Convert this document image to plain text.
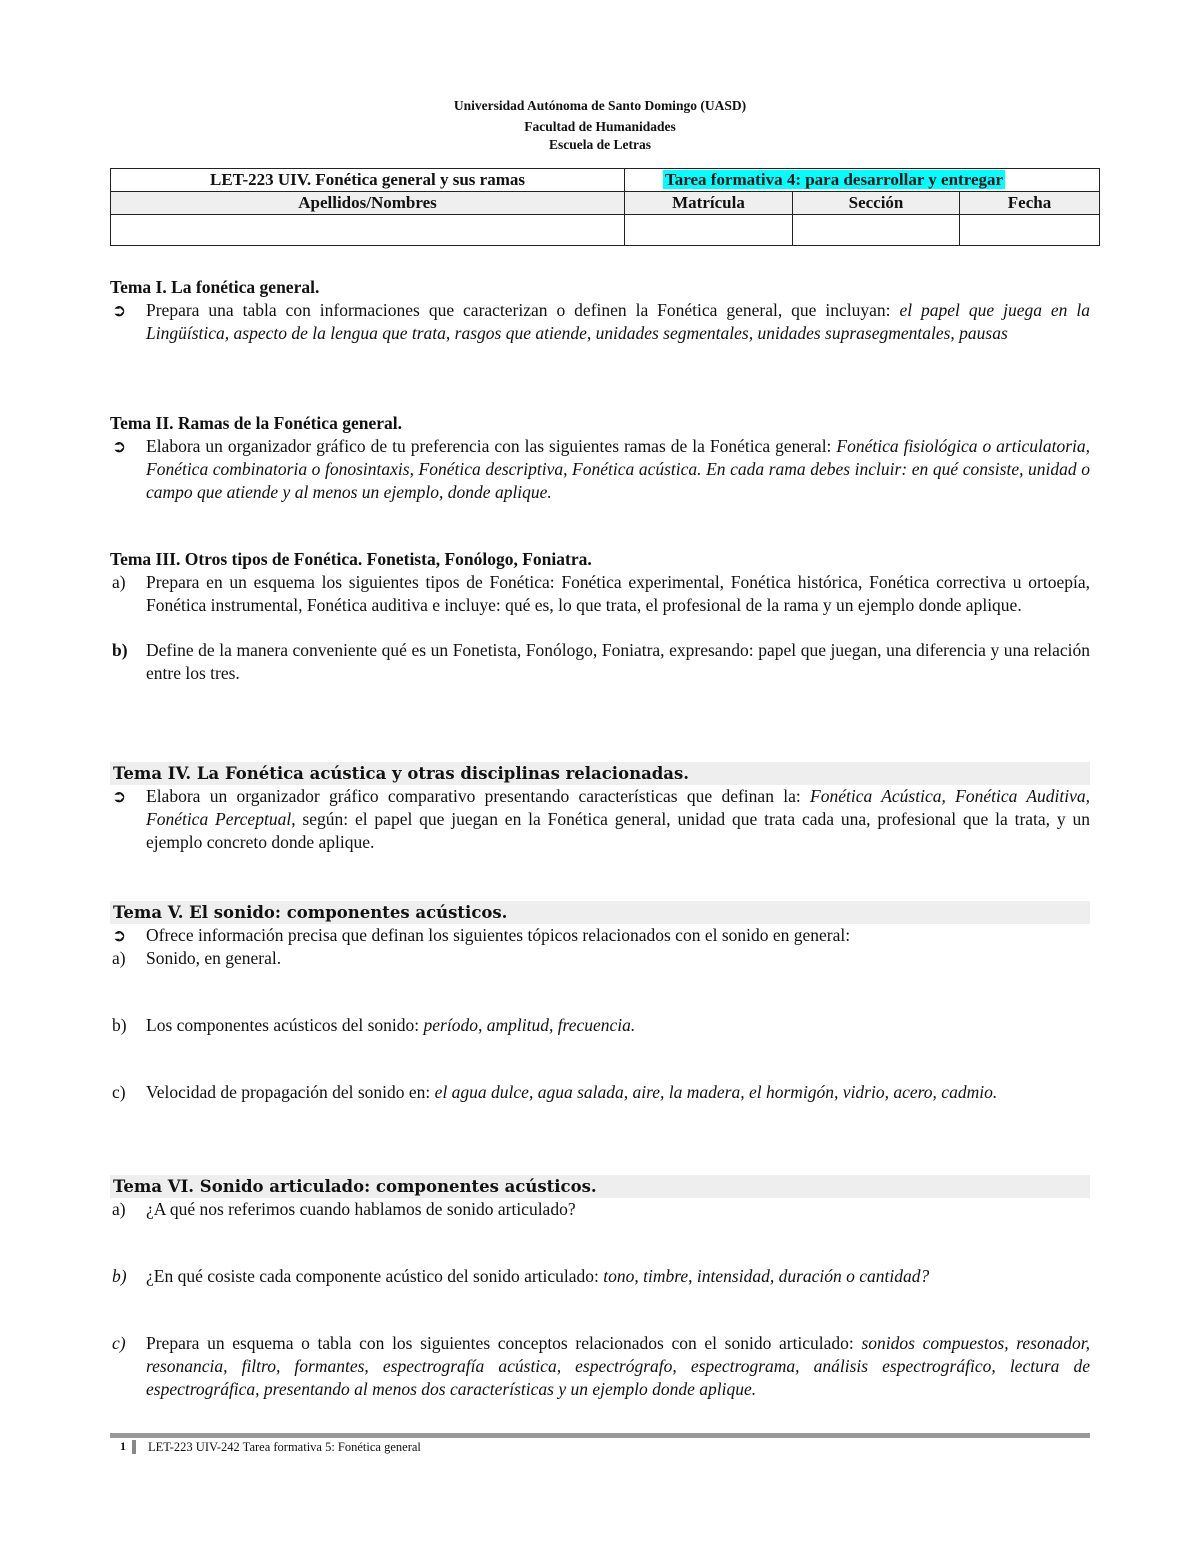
Universidad Autónoma de Santo Domingo (UASD)
Facultad de Humanidades
Escuela de Letras
LET-223 UIV. Fonética general y sus ramas	Tarea formativa 4: para desarrollar y entregar		
Apellidos/Nombres	Matrícula	Sección	Fecha

Tema I. La fonética general.
➲ Prepara una tabla con informaciones que caracterizan o definen la Fonética general, que incluyan: el papel que juega en la Lingüística, aspecto de la lengua que trata, rasgos que atiende, unidades segmentales, unidades suprasegmentales, pausas
Tema II. Ramas de la Fonética general.
➲ Elabora un organizador gráfico de tu preferencia con las siguientes ramas de la Fonética general: Fonética fisiológica o articulatoria, Fonética combinatoria o fonosintaxis, Fonética descriptiva, Fonética acústica. En cada rama debes incluir: en qué consiste, unidad o campo que atiende y al menos un ejemplo, donde aplique.
Tema III. Otros tipos de Fonética. Fonetista, Fonólogo, Foniatra.
a) Prepara en un esquema los siguientes tipos de Fonética: Fonética experimental, Fonética histórica, Fonética correctiva u ortoepía, Fonética instrumental, Fonética auditiva e incluye: qué es, lo que trata, el profesional de la rama y un ejemplo donde aplique.
b) Define de la manera conveniente qué es un Fonetista, Fonólogo, Foniatra, expresando: papel que juegan, una diferencia y una relación entre los tres.
Tema IV. La Fonética acústica y otras disciplinas relacionadas.
➲ Elabora un organizador gráfico comparativo presentando características que definan la: Fonética Acústica, Fonética Auditiva, Fonética Perceptual, según: el papel que juegan en la Fonética general, unidad que trata cada una, profesional que la trata, y un ejemplo concreto donde aplique.
Tema V. El sonido: componentes acústicos.
➲ Ofrece información precisa que definan los siguientes tópicos relacionados con el sonido en general:
a) Sonido, en general.
b) Los componentes acústicos del sonido: período, amplitud, frecuencia.
c) Velocidad de propagación del sonido en: el agua dulce, agua salada, aire, la madera, el hormigón, vidrio, acero, cadmio.
Tema VI. Sonido articulado: componentes acústicos.
a) ¿A qué nos referimos cuando hablamos de sonido articulado?
b) ¿En qué cosiste cada componente acústico del sonido articulado: tono, timbre, intensidad, duración o cantidad?
c) Prepara un esquema o tabla con los siguientes conceptos relacionados con el sonido articulado: sonidos compuestos, resonador, resonancia, filtro, formantes, espectrografía acústica, espectrógrafo, espectrograma, análisis espectrográfico, lectura de espectrográfica, presentando al menos dos características y un ejemplo donde aplique.
1 LET-223 UIV-242 Tarea formativa 5: Fonética general
